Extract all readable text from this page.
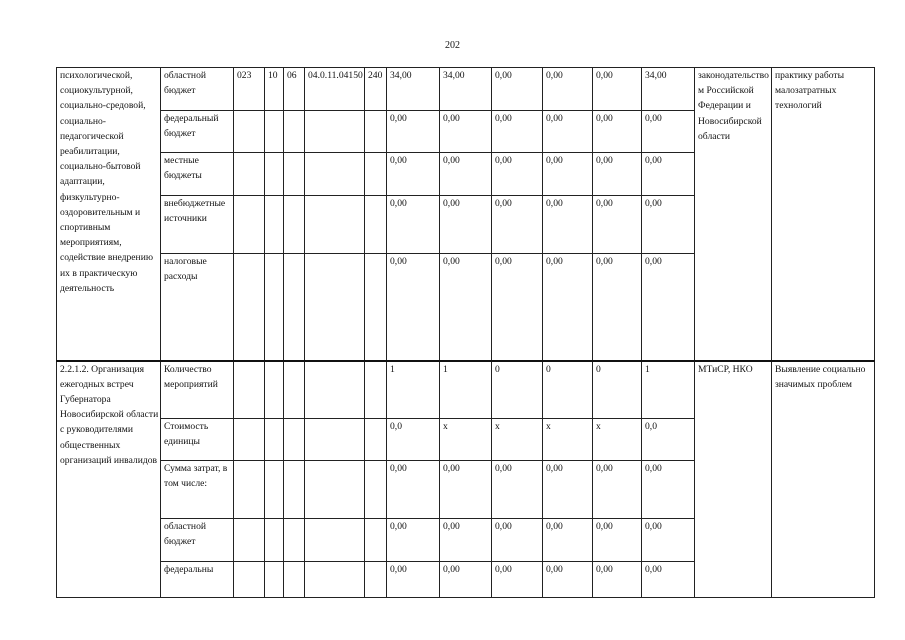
202
психологической, социокультурной, социально-средовой, социально-педагогической реабилитации, социально-бытовой адаптации, физкультурно-оздоровительным и спортивным мероприятиям, содействие внедрению их в практическую деятельность	областной бюджет	023	10	06	04.0.11.04150	240	34,00	34,00	0,00	0,00	0,00	34,00	законодательством Российской Федерации и Новосибирской области	практику работы малозатратных технологий
	федеральный бюджет						0,00	0,00	0,00	0,00	0,00	0,00		
	местные бюджеты						0,00	0,00	0,00	0,00	0,00	0,00		
	внебюджетные источники						0,00	0,00	0,00	0,00	0,00	0,00		
	налоговые расходы						0,00	0,00	0,00	0,00	0,00	0,00		
2.2.1.2. Организация ежегодных встреч Губернатора Новосибирской области с руководителями общественных организаций инвалидов	Количество мероприятий						1	1	0	0	0	1	МТиСР, НКО	Выявление социально значимых проблем
	Стоимость единицы						0,0	x	x	x	x	0,0		
	Сумма затрат, в том числе:						0,00	0,00	0,00	0,00	0,00	0,00		
	областной бюджет						0,00	0,00	0,00	0,00	0,00	0,00		
	федеральны						0,00	0,00	0,00	0,00	0,00	0,00		
